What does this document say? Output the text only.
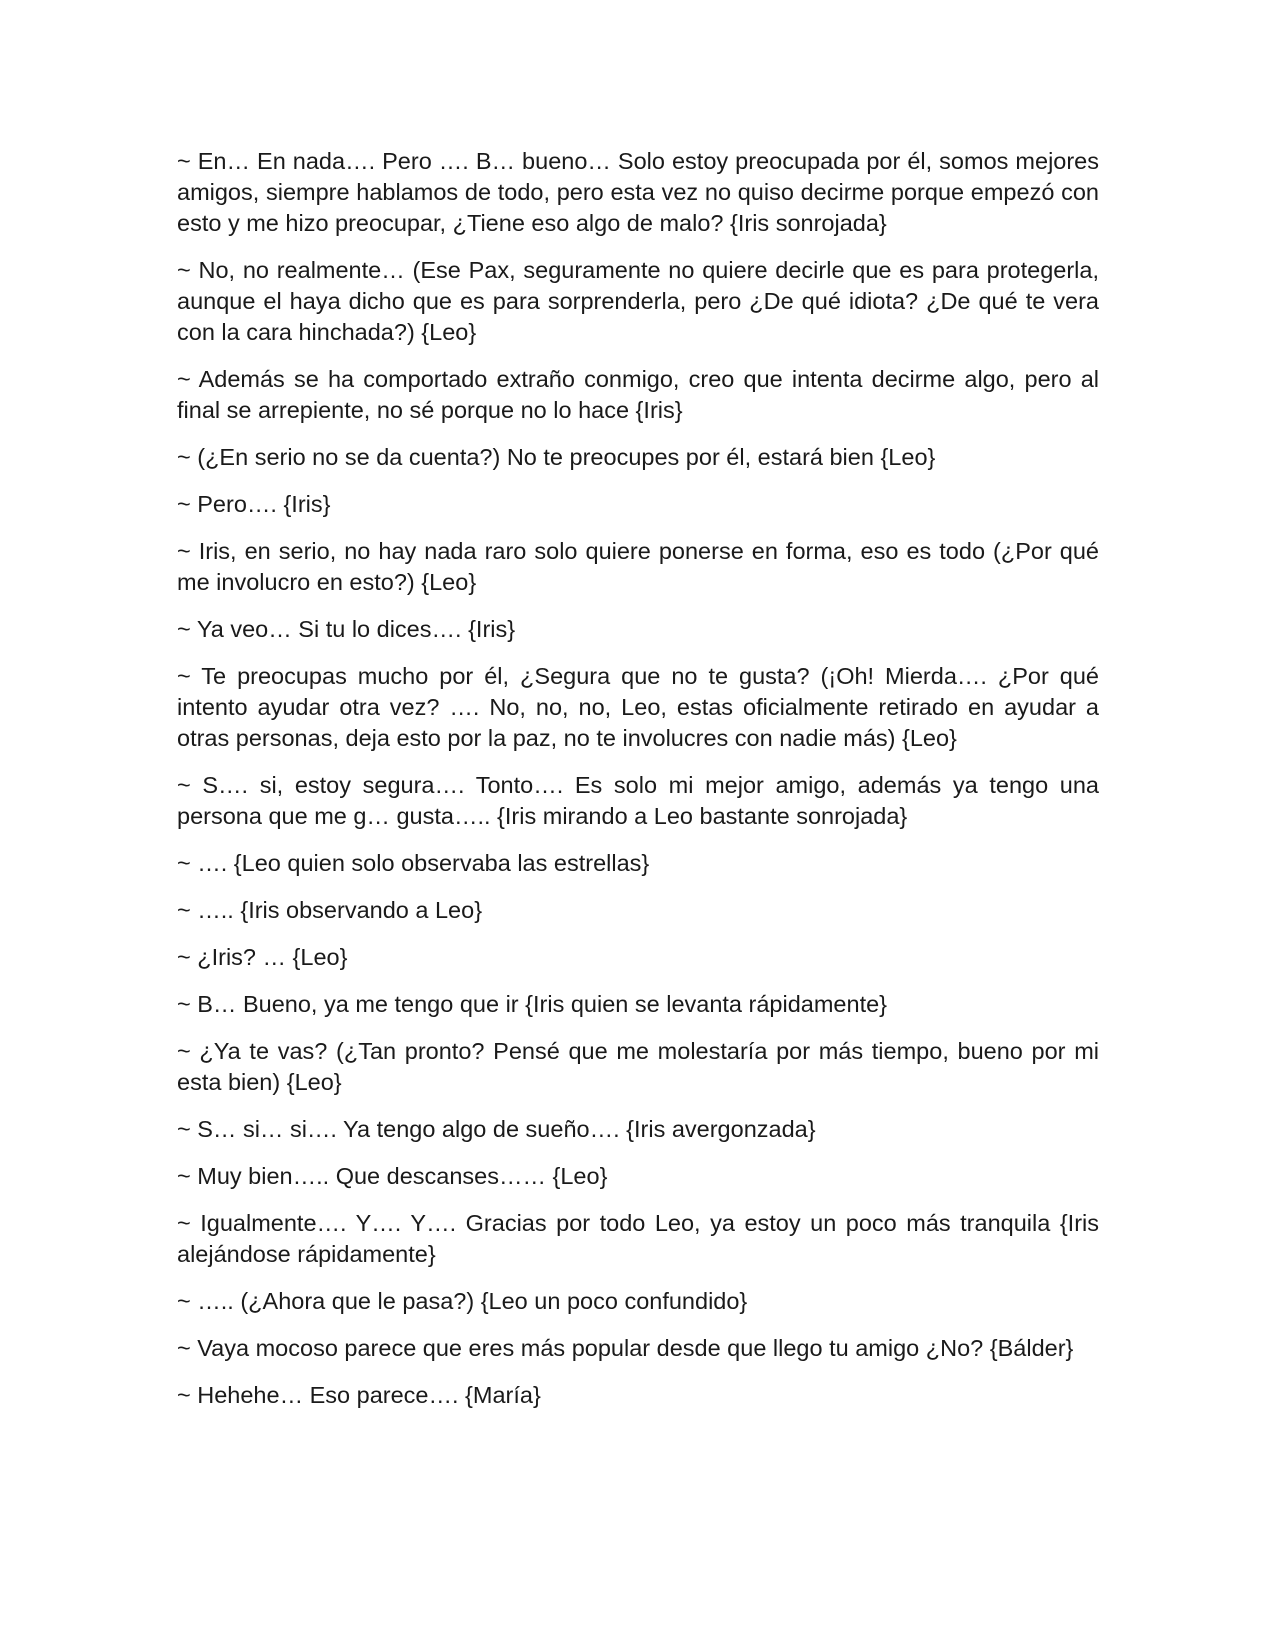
~ En… En nada…. Pero …. B… bueno… Solo estoy preocupada por él, somos mejores amigos, siempre hablamos de todo, pero esta vez no quiso decirme porque empezó con esto y me hizo preocupar, ¿Tiene eso algo de malo? {Iris sonrojada}

~ No, no realmente… (Ese Pax, seguramente no quiere decirle que es para protegerla, aunque el haya dicho que es para sorprenderla, pero ¿De qué idiota? ¿De qué te vera con la cara hinchada?) {Leo}

~ Además se ha comportado extraño conmigo, creo que intenta decirme algo, pero al final se arrepiente, no sé porque no lo hace {Iris}

~ (¿En serio no se da cuenta?) No te preocupes por él, estará bien {Leo}

~ Pero…. {Iris}

~ Iris, en serio, no hay nada raro solo quiere ponerse en forma, eso es todo (¿Por qué me involucro en esto?) {Leo}

~ Ya veo… Si tu lo dices…. {Iris}

~ Te preocupas mucho por él, ¿Segura que no te gusta? (¡Oh! Mierda…. ¿Por qué intento ayudar otra vez? …. No, no, no, Leo, estas oficialmente retirado en ayudar a otras personas, deja esto por la paz, no te involucres con nadie más) {Leo}

~ S…. si, estoy segura…. Tonto…. Es solo mi mejor amigo, además ya tengo una persona que me g… gusta….. {Iris mirando a Leo bastante sonrojada}

~ …. {Leo quien solo observaba las estrellas}

~ ….. {Iris observando a Leo}

~ ¿Iris? … {Leo}

~ B… Bueno, ya me tengo que ir {Iris quien se levanta rápidamente}

~ ¿Ya te vas? (¿Tan pronto? Pensé que me molestaría por más tiempo, bueno por mi esta bien) {Leo}

~ S… si… si…. Ya tengo algo de sueño…. {Iris avergonzada}

~ Muy bien….. Que descanses…… {Leo}

~ Igualmente…. Y…. Y…. Gracias por todo Leo, ya estoy un poco más tranquila {Iris alejándose rápidamente}

~ ….. (¿Ahora que le pasa?) {Leo un poco confundido}

~ Vaya mocoso parece que eres más popular desde que llego tu amigo ¿No? {Bálder}

~ Hehehe… Eso parece…. {María}
